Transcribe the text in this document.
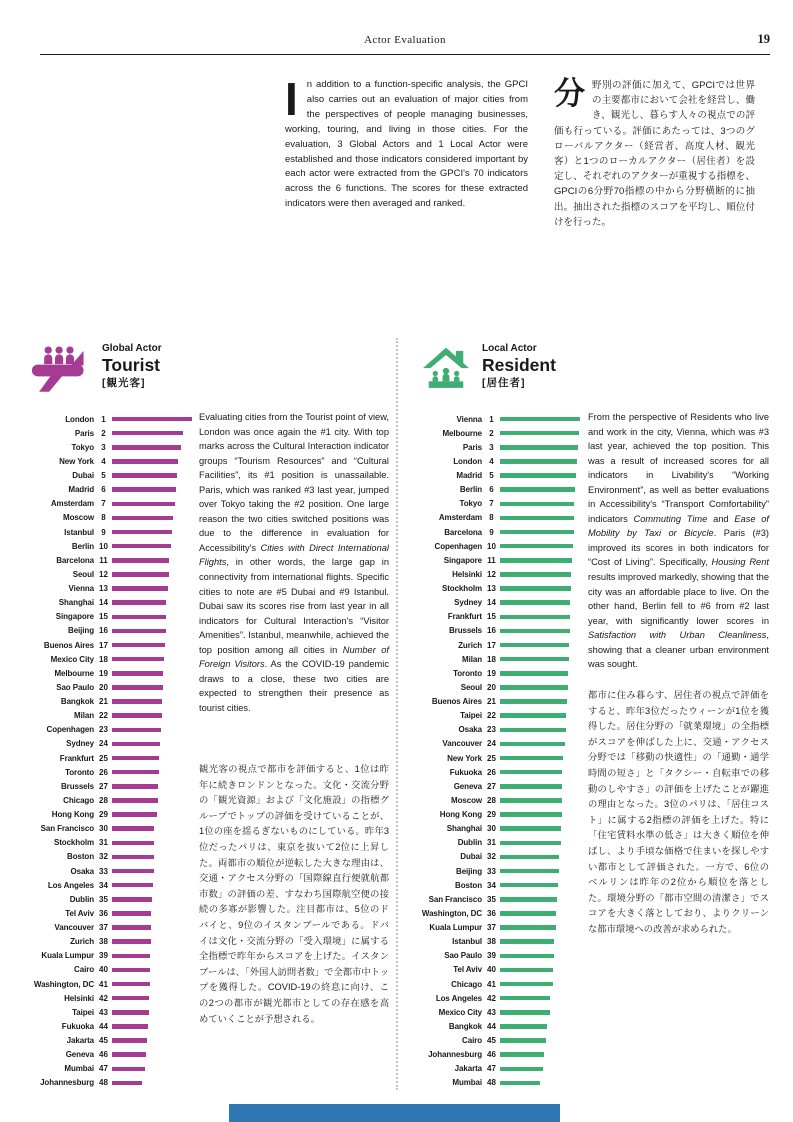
Actor Evaluation	19
In addition to a function-specific analysis, the GPCI also carries out an evaluation of major cities from the perspectives of people managing businesses, working, touring, and living in those cities. For the evaluation, 3 Global Actors and 1 Local Actor were established and those indicators considered important by each actor were extracted from the GPCI's 70 indicators across the 6 functions. The scores for these extracted indicators were then averaged and ranked.
分野別の評価に加えて、GPCIでは世界の主要都市において会社を経営し、働き、観光し、暮らす人々の視点での評価も行っている。評価にあたっては、3つのグローバルアクター（経営者、高度人材、観光客）と1つのローカルアクター（居住者）を設定し、それぞれのアクターが重視する指標を、GPCIの6分野70指標の中から分野横断的に抽出。抽出された指標のスコアを平均し、順位付けを行った。
Global Actor
Tourist
[観光客]
Local Actor
Resident
[居住者]
London 1
Paris 2
Tokyo 3
New York 4
Dubai 5
Madrid 6
Amsterdam 7
Moscow 8
Istanbul 9
Berlin 10
Barcelona 11
Seoul 12
Vienna 13
Shanghai 14
Singapore 15
Beijing 16
Buenos Aires 17
Mexico City 18
Melbourne 19
Sao Paulo 20
Bangkok 21
Milan 22
Copenhagen 23
Sydney 24
Frankfurt 25
Toronto 26
Brussels 27
Chicago 28
Hong Kong 29
San Francisco 30
Stockholm 31
Boston 32
Osaka 33
Los Angeles 34
Dublin 35
Tel Aviv 36
Vancouver 37
Zurich 38
Kuala Lumpur 39
Cairo 40
Washington, DC 41
Helsinki 42
Taipei 43
Fukuoka 44
Jakarta 45
Geneva 46
Mumbai 47
Johannesburg 48
Vienna 1
Melbourne 2
Paris 3
London 4
Madrid 5
Berlin 6
Tokyo 7
Amsterdam 8
Barcelona 9
Copenhagen 10
Singapore 11
Helsinki 12
Stockholm 13
Sydney 14
Frankfurt 15
Brussels 16
Zurich 17
Milan 18
Toronto 19
Seoul 20
Buenos Aires 21
Taipei 22
Osaka 23
Vancouver 24
New York 25
Fukuoka 26
Geneva 27
Moscow 28
Hong Kong 29
Shanghai 30
Dublin 31
Dubai 32
Beijing 33
Boston 34
San Francisco 35
Washington, DC 36
Kuala Lumpur 37
Istanbul 38
Sao Paulo 39
Tel Aviv 40
Chicago 41
Los Angeles 42
Mexico City 43
Bangkok 44
Cairo 45
Johannesburg 46
Jakarta 47
Mumbai 48
Evaluating cities from the Tourist point of view, London was once again the #1 city. With top marks across the Cultural Interaction indicator groups “Tourism Resources” and “Cultural Facilities”, its #1 position is unassailable. Paris, which was ranked #3 last year, jumped over Tokyo taking the #2 position. One large reason the two cities switched positions was due to the difference in evaluation for Accessibility's Cities with Direct International Flights, in other words, the large gap in connectivity from international flights. Specific cities to note are #5 Dubai and #9 Istanbul. Dubai saw its scores rise from last year in all indicators for Cultural Interaction's “Visitor Amenities”. Istanbul, meanwhile, achieved the top position among all cities in Number of Foreign Visitors. As the COVID-19 pandemic draws to a close, these two cities are expected to strengthen their presence as tourist cities.
観光客の視点で都市を評価すると、1位は昨年に続きロンドンとなった。文化・交流分野の「観光資源」および「文化施設」の指標グループでトップの評価を受けていることが、1位の座を揺るぎないものにしている。昨年3位だったパリは、東京を抜いて2位に上昇した。両都市の順位が逆転した大きな理由は、交通・アクセス分野の「国際線直行便就航都市数」の評価の差、すなわち国際航空便の接続の多寡が影響した。注目都市は、5位のドバイと、9位のイスタンブールである。ドバイは文化・交流分野の「受入環境」に属する全指標で昨年からスコアを上げた。イスタンブールは、「外国人訪問者数」で全都市中トップを獲得した。COVID-19の終息に向け、この2つの都市が観光都市としての存在感を高めていくことが予想される。
From the perspective of Residents who live and work in the city, Vienna, which was #3 last year, achieved the top position. This was a result of increased scores for all indicators in Livability's “Working Environment”, as well as better evaluations in Accessibility's “Transport Comfortability” indicators Commuting Time and Ease of Mobility by Taxi or Bicycle. Paris (#3) improved its scores in both indicators for “Cost of Living”. Specifically, Housing Rent results improved markedly, showing that the city was an affordable place to live. On the other hand, Berlin fell to #6 from #2 last year, with significantly lower scores in Satisfaction with Urban Cleanliness, showing that a cleaner urban environment was sought.
都市に住み暮らす、居住者の視点で評価をすると、昨年3位だったウィーンが1位を獲得した。居住分野の「就業環境」の全指標がスコアを伸ばした上に、交通・アクセス分野では「移動の快適性」の「通勤・通学時間の短さ」と「タクシー・自転車での移動のしやすさ」の評価を上げたことが躍進の理由となった。3位のパリは、「居住コスト」に属する2指標の評価を上げた。特に「住宅賃料水準の低さ」は大きく順位を伸ばし、より手頃な価格で住まいを探しやすい都市として評価された。一方で、6位のベルリンは昨年の2位から順位を落とした。環境分野の「都市空間の清潔さ」でスコアを大きく落としており、よりクリーンな都市環境への改善が求められた。
